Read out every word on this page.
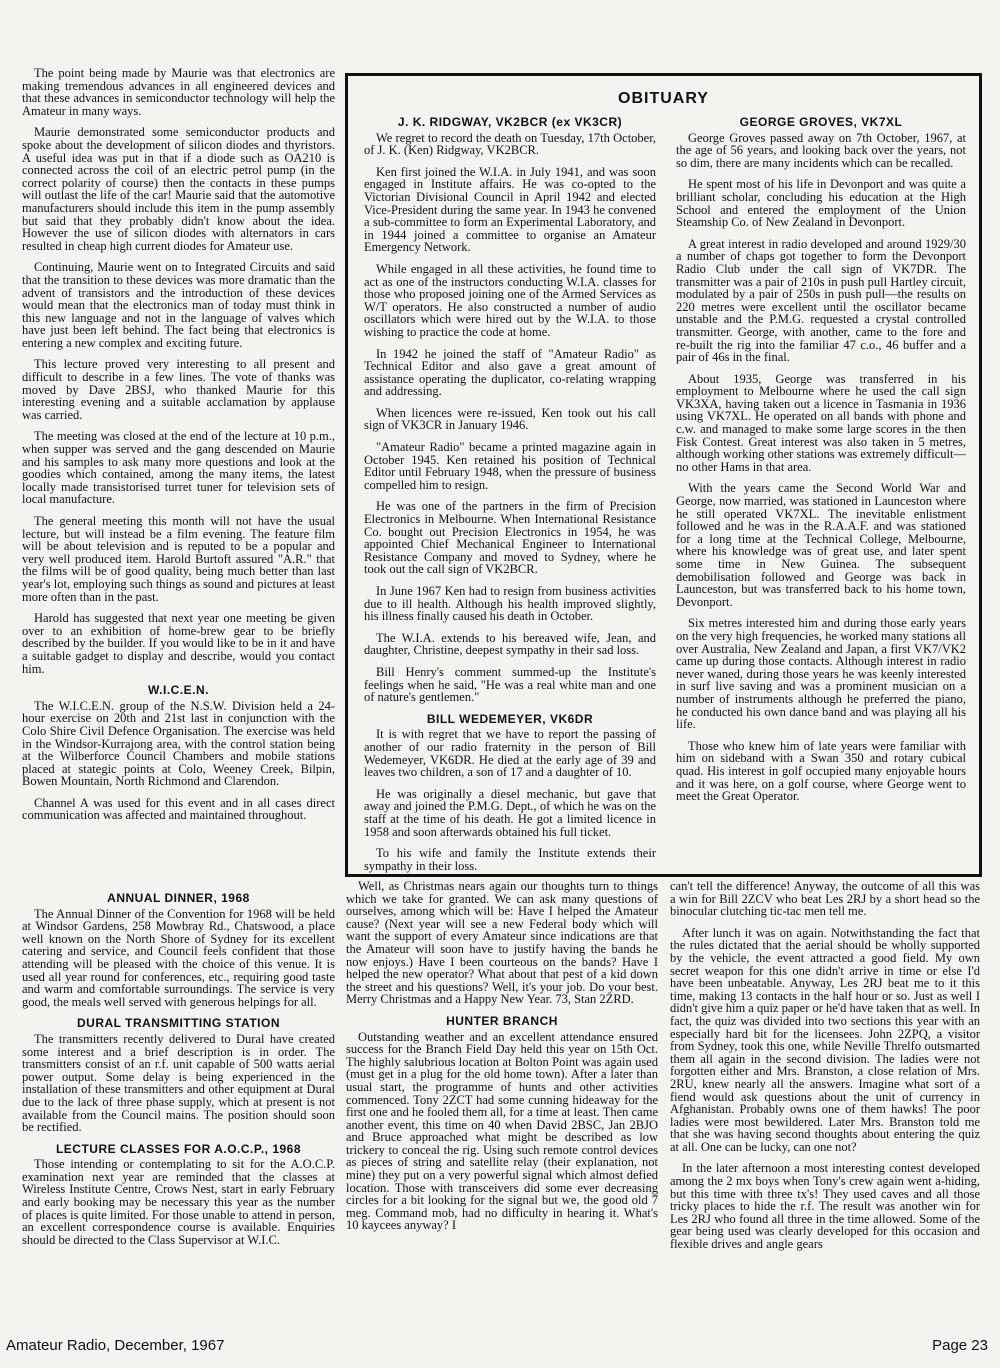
The point being made by Maurie was that electronics are making tremendous advances in all engineered devices and that these advances in semiconductor technology will help the Amateur in many ways.

Maurie demonstrated some semiconductor products and spoke about the development of silicon diodes and thyristors. A useful idea was put in that if a diode such as OA210 is connected across the coil of an electric petrol pump (in the correct polarity of course) then the contacts in these pumps will outlast the life of the car! Maurie said that the automotive manufacturers should include this item in the pump assembly but said that they probably didn't know about the idea. However the use of silicon diodes with alternators in cars resulted in cheap high current diodes for Amateur use.

Continuing, Maurie went on to Integrated Circuits and said that the transition to these devices was more dramatic than the advent of transistors and the introduction of these devices would mean that the electronics man of today must think in this new language and not in the language of valves which have just been left behind. The fact being that electronics is entering a new complex and exciting future.

This lecture proved very interesting to all present and difficult to describe in a few lines. The vote of thanks was moved by Dave 2BSJ, who thanked Maurie for this interesting evening and a suitable acclamation by applause was carried.

The meeting was closed at the end of the lecture at 10 p.m., when supper was served and the gang descended on Maurie and his samples to ask many more questions and look at the goodies which contained, among the many items, the latest locally made transistorised turret tuner for television sets of local manufacture.

The general meeting this month will not have the usual lecture, but will instead be a film evening. The feature film will be about television and is reputed to be a popular and very well produced item. Harold Burtoft assured "A.R." that the films will be of good quality, being much better than last year's lot, employing such things as sound and pictures at least more often than in the past.

Harold has suggested that next year one meeting be given over to an exhibition of home-brew gear to be briefly described by the builder. If you would like to be in it and have a suitable gadget to display and describe, would you contact him.

W.I.C.E.N.

The W.I.C.E.N. group of the N.S.W. Division held a 24-hour exercise on 20th and 21st last in conjunction with the Colo Shire Civil Defence Organisation. The exercise was held in the Windsor-Kurrajong area, with the control station being at the Wilberforce Council Chambers and mobile stations placed at stategic points at Colo, Weeney Creek, Bilpin, Bowen Mountain, North Richmond and Clarendon.

Channel A was used for this event and in all cases direct communication was affected and maintained throughout.

OBITUARY
J. K. RIDGWAY, VK2BCR (ex VK3CR)

We regret to record the death on Tuesday, 17th October, of J. K. (Ken) Ridgway, VK2BCR.

Ken first joined the W.I.A. in July 1941, and was soon engaged in Institute affairs. He was co-opted to the Victorian Divisional Council in April 1942 and elected Vice-President during the same year. In 1943 he convened a sub-committee to form an Experimental Laboratory, and in 1944 joined a committee to organise an Amateur Emergency Network.

While engaged in all these activities, he found time to act as one of the instructors conducting W.I.A. classes for those who proposed joining one of the Armed Services as W/T operators. He also constructed a number of audio oscillators which were hired out by the W.I.A. to those wishing to practice the code at home.

In 1942 he joined the staff of "Amateur Radio" as Technical Editor and also gave a great amount of assistance operating the duplicator, co-relating wrapping and addressing.

When licences were re-issued, Ken took out his call sign of VK3CR in January 1946.

"Amateur Radio" became a printed magazine again in October 1945. Ken retained his position of Technical Editor until February 1948, when the pressure of business compelled him to resign.

He was one of the partners in the firm of Precision Electronics in Melbourne. When International Resistance Co. bought out Precision Electronics in 1954, he was appointed Chief Mechanical Engineer to International Resistance Company and moved to Sydney, where he took out the call sign of VK2BCR.

In June 1967 Ken had to resign from business activities due to ill health. Although his health improved slightly, his illness finally caused his death in October.

The W.I.A. extends to his bereaved wife, Jean, and daughter, Christine, deepest sympathy in their sad loss.

Bill Henry's comment summed-up the Institute's feelings when he said, "He was a real white man and one of nature's gentlemen."

BILL WEDEMEYER, VK6DR

It is with regret that we have to report the passing of another of our radio fraternity in the person of Bill Wedemeyer, VK6DR. He died at the early age of 39 and leaves two children, a son of 17 and a daughter of 10.

He was originally a diesel mechanic, but gave that away and joined the P.M.G. Dept., of which he was on the staff at the time of his death. He got a limited licence in 1958 and soon afterwards obtained his full ticket.

To his wife and family the Institute extends their sympathy in their loss.

GEORGE GROVES, VK7XL

George Groves passed away on 7th October, 1967, at the age of 56 years, and looking back over the years, not so dim, there are many incidents which can be recalled.

He spent most of his life in Devonport and was quite a brilliant scholar, concluding his education at the High School and entered the employment of the Union Steamship Co. of New Zealand in Devonport.

A great interest in radio developed and around 1929/30 a number of chaps got together to form the Devonport Radio Club under the call sign of VK7DR. The transmitter was a pair of 210s in push pull Hartley circuit, modulated by a pair of 250s in push pull—the results on 220 metres were excellent until the oscillator became unstable and the P.M.G. requested a crystal controlled transmitter. George, with another, came to the fore and re-built the rig into the familiar 47 c.o., 46 buffer and a pair of 46s in the final.

About 1935, George was transferred in his employment to Melbourne where he used the call sign VK3XA, having taken out a licence in Tasmania in 1936 using VK7XL. He operated on all bands with phone and c.w. and managed to make some large scores in the then Fisk Contest. Great interest was also taken in 5 metres, although working other stations was extremely difficult—no other Hams in that area.

With the years came the Second World War and George, now married, was stationed in Launceston where he still operated VK7XL. The inevitable enlistment followed and he was in the R.A.A.F. and was stationed for a long time at the Technical College, Melbourne, where his knowledge was of great use, and later spent some time in New Guinea. The subsequent demobilisation followed and George was back in Launceston, but was transferred back to his home town, Devonport.

Six metres interested him and during those early years on the very high frequencies, he worked many stations all over Australia, New Zealand and Japan, a first VK7/VK2 came up during those contacts. Although interest in radio never waned, during those years he was keenly interested in surf live saving and was a prominent musician on a number of instruments although he preferred the piano, he conducted his own dance band and was playing all his life.

Those who knew him of late years were familiar with him on sideband with a Swan 350 and rotary cubical quad. His interest in golf occupied many enjoyable hours and it was here, on a golf course, where George went to meet the Great Operator.

ANNUAL DINNER, 1968

The Annual Dinner of the Convention for 1968 will be held at Windsor Gardens, 258 Mowbray Rd., Chatswood, a place well known on the North Shore of Sydney for its excellent catering and service, and Council feels confident that those attending will be pleased with the choice of this venue. It is used all year round for conferences, etc., requiring good taste and warm and comfortable surroundings. The service is very good, the meals well served with generous helpings for all.

DURAL TRANSMITTING STATION

The transmitters recently delivered to Dural have created some interest and a brief description is in order. The transmitters consist of an r.f. unit capable of 500 watts aerial power output. Some delay is being experienced in the installation of these transmitters and other equipment at Dural due to the lack of three phase supply, which at present is not available from the Council mains. The position should soon be rectified.

LECTURE CLASSES FOR A.O.C.P., 1968

Those intending or contemplating to sit for the A.O.C.P. examination next year are reminded that the classes at Wireless Institute Centre, Crows Nest, start in early February and early booking may be necessary this year as the number of places is quite limited. For those unable to attend in person, an excellent correspondence course is available. Enquiries should be directed to the Class Supervisor at W.I.C.

Well, as Christmas nears again our thoughts turn to things which we take for granted. We can ask many questions of ourselves, among which will be: Have I helped the Amateur cause? (Next year will see a new Federal body which will want the support of every Amateur since indications are that the Amateur will soon have to justify having the bands he now enjoys.) Have I been courteous on the bands? Have I helped the new operator? What about that pest of a kid down the street and his questions? Well, it's your job. Do your best. Merry Christmas and a Happy New Year. 73, Stan 2ZRD.

HUNTER BRANCH

Outstanding weather and an excellent attendance ensured success for the Branch Field Day held this year on 15th Oct. The highly salubrious location at Bolton Point was again used (must get in a plug for the old home town). After a later than usual start, the programme of hunts and other activities commenced. Tony 2ZCT had some cunning hideaway for the first one and he fooled them all, for a time at least. Then came another event, this time on 40 when David 2BSC, Jan 2BJO and Bruce approached what might be described as low trickery to conceal the rig. Using such remote control devices as pieces of string and satellite relay (their explanation, not mine) they put on a very powerful signal which almost defied location. Those with transceivers did some ever decreasing circles for a bit looking for the signal but we, the good old 7 meg. Command mob, had no difficulty in hearing it. What's 10 kaycees anyway? I

can't tell the difference! Anyway, the outcome of all this was a win for Bill 2ZCV who beat Les 2RJ by a short head so the binocular clutching tic-tac men tell me.

After lunch it was on again. Notwithstanding the fact that the rules dictated that the aerial should be wholly supported by the vehicle, the event attracted a good field. My own secret weapon for this one didn't arrive in time or else I'd have been unbeatable. Anyway, Les 2RJ beat me to it this time, making 13 contacts in the half hour or so. Just as well I didn't give him a quiz paper or he'd have taken that as well. In fact, the quiz was divided into two sections this year with an especially hard bit for the licensees. John 2ZPQ, a visitor from Sydney, took this one, while Neville Threlfo outsmarted them all again in the second division. The ladies were not forgotten either and Mrs. Branston, a close relation of Mrs. 2RU, knew nearly all the answers. Imagine what sort of a fiend would ask questions about the unit of currency in Afghanistan. Probably owns one of them hawks! The poor ladies were most bewildered. Later Mrs. Branston told me that she was having second thoughts about entering the quiz at all. One can be lucky, can one not?

In the later afternoon a most interesting contest developed among the 2 mx boys when Tony's crew again went a-hiding, but this time with three tx's! They used caves and all those tricky places to hide the r.f. The result was another win for Les 2RJ who found all three in the time allowed. Some of the gear being used was clearly developed for this occasion and flexible drives and angle gears

Amateur Radio, December, 1967	Page 23
